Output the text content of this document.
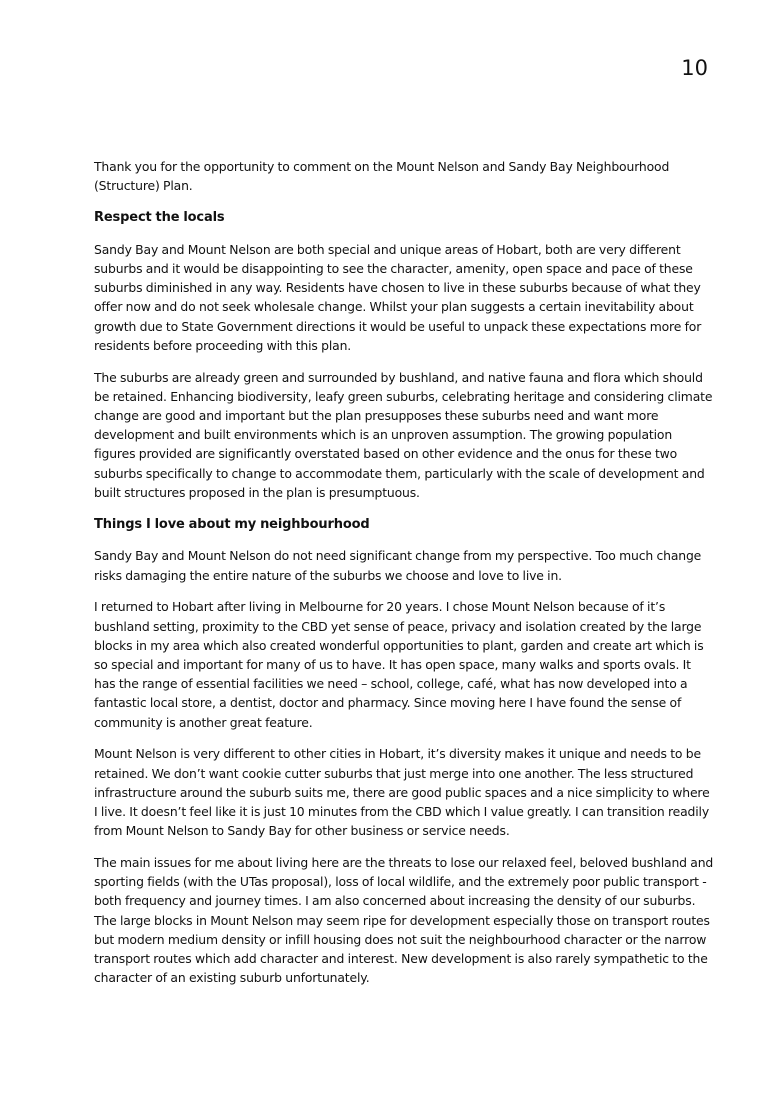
10

Thank you for the opportunity to comment on the Mount Nelson and Sandy Bay Neighbourhood (Structure) Plan.

Respect the locals

Sandy Bay and Mount Nelson are both special and unique areas of Hobart, both are very different suburbs and it would be disappointing to see the character, amenity, open space and pace of these suburbs diminished in any way. Residents have chosen to live in these suburbs because of what they offer now and do not seek wholesale change. Whilst your plan suggests a certain inevitability about growth due to State Government directions it would be useful to unpack these expectations more for residents before proceeding with this plan.

The suburbs are already green and surrounded by bushland, and native fauna and flora which should be retained. Enhancing biodiversity, leafy green suburbs, celebrating heritage and considering climate change are good and important but the plan presupposes these suburbs need and want more development and built environments which is an unproven assumption. The growing population figures provided are significantly overstated based on other evidence and the onus for these two suburbs specifically to change to accommodate them, particularly with the scale of development and built structures proposed in the plan is presumptuous.

Things I love about my neighbourhood

Sandy Bay and Mount Nelson do not need significant change from my perspective. Too much change risks damaging the entire nature of the suburbs we choose and love to live in.

I returned to Hobart after living in Melbourne for 20 years. I chose Mount Nelson because of it’s bushland setting, proximity to the CBD yet sense of peace, privacy and isolation created by the large blocks in my area which also created wonderful opportunities to plant, garden and create art which is so special and important for many of us to have. It has open space, many walks and sports ovals. It has the range of essential facilities we need – school, college, café, what has now developed into a fantastic local store, a dentist, doctor and pharmacy. Since moving here I have found the sense of community is another great feature.

Mount Nelson is very different to other cities in Hobart, it’s diversity makes it unique and needs to be retained. We don’t want cookie cutter suburbs that just merge into one another. The less structured infrastructure around the suburb suits me, there are good public spaces and a nice simplicity to where I live. It doesn’t feel like it is just 10 minutes from the CBD which I value greatly. I can transition readily from Mount Nelson to Sandy Bay for other business or service needs.

The main issues for me about living here are the threats to lose our relaxed feel, beloved bushland and sporting fields (with the UTas proposal), loss of local wildlife, and the extremely poor public transport - both frequency and journey times. I am also concerned about increasing the density of our suburbs. The large blocks in Mount Nelson may seem ripe for development especially those on transport routes but modern medium density or infill housing does not suit the neighbourhood character or the narrow transport routes which add character and interest. New development is also rarely sympathetic to the character of an existing suburb unfortunately.
